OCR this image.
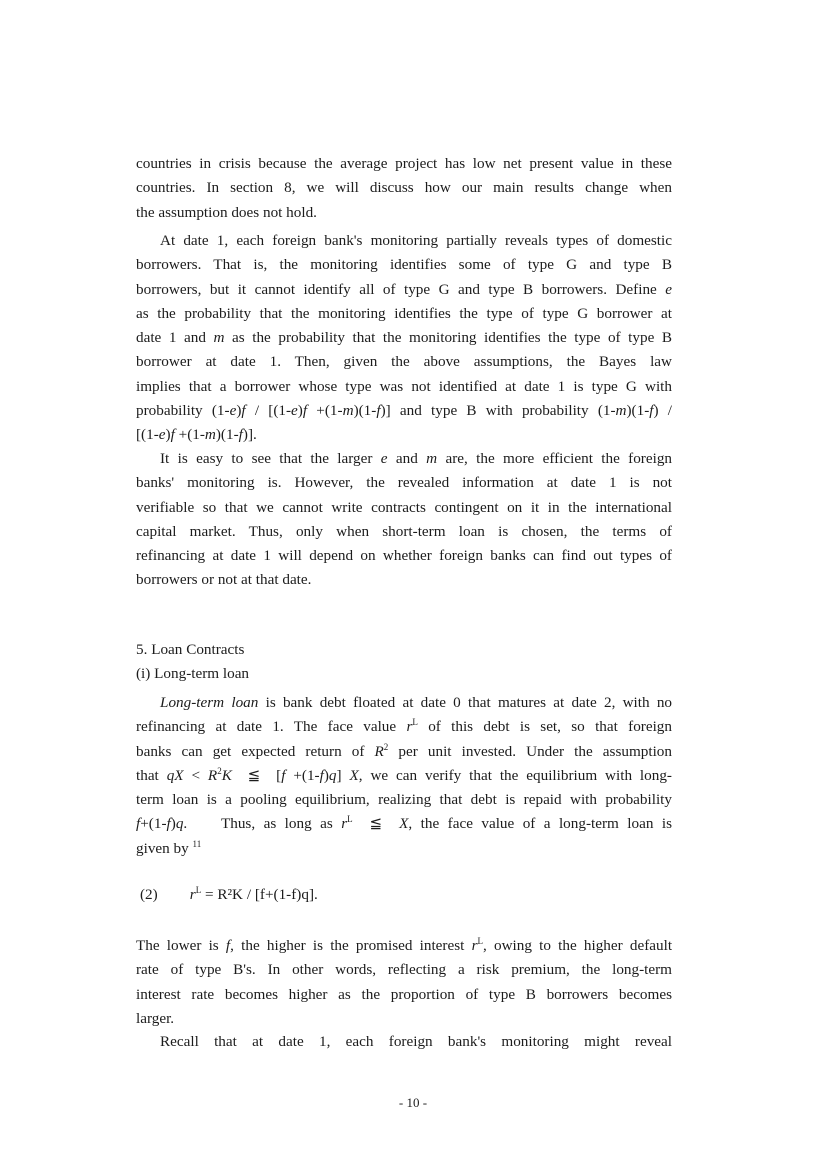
countries in crisis because the average project has low net present value in these
countries. In section 8, we will discuss how our main results change when
the assumption does not hold.
At date 1, each foreign bank's monitoring partially reveals types of domestic
borrowers. That is, the monitoring identifies some of type G and type B
borrowers, but it cannot identify all of type G and type B borrowers. Define e
as the probability that the monitoring identifies the type of type G borrower at
date 1 and m as the probability that the monitoring identifies the type of type B
borrower at date 1. Then, given the above assumptions, the Bayes law
implies that a borrower whose type was not identified at date 1 is type G with
probability (1-e)f / [(1-e)f +(1-m)(1-f)] and type B with probability (1-m)(1-f) /
[(1-e)f +(1-m)(1-f)].
It is easy to see that the larger e and m are, the more efficient the foreign
banks' monitoring is. However, the revealed information at date 1 is not
verifiable so that we cannot write contracts contingent on it in the international
capital market. Thus, only when short-term loan is chosen, the terms of
refinancing at date 1 will depend on whether foreign banks can find out types of
borrowers or not at that date.
5. Loan Contracts
(i) Long-term loan
Long-term loan is bank debt floated at date 0 that matures at date 2, with no
refinancing at date 1. The face value $r^L$ of this debt is set, so that foreign
banks can get expected return of $R^2$ per unit invested. Under the assumption
that qX < $R^2K$  ≦  [f +(1-f)q] X, we can verify that the equilibrium with long-
term loan is a pooling equilibrium, realizing that debt is repaid with probability
f+(1-f)q.    Thus, as long as $r^L$  ≦  X, the face value of a long-term loan is
given by $^{11}$
(2) $r^L = R^2K / [f+(1-f)q]$.
The lower is f, the higher is the promised interest $r^L$, owing to the higher default
rate of type B's. In other words, reflecting a risk premium, the long-term
interest rate becomes higher as the proportion of type B borrowers becomes
larger.
Recall that at date 1, each foreign bank's monitoring might reveal
- 10 -
